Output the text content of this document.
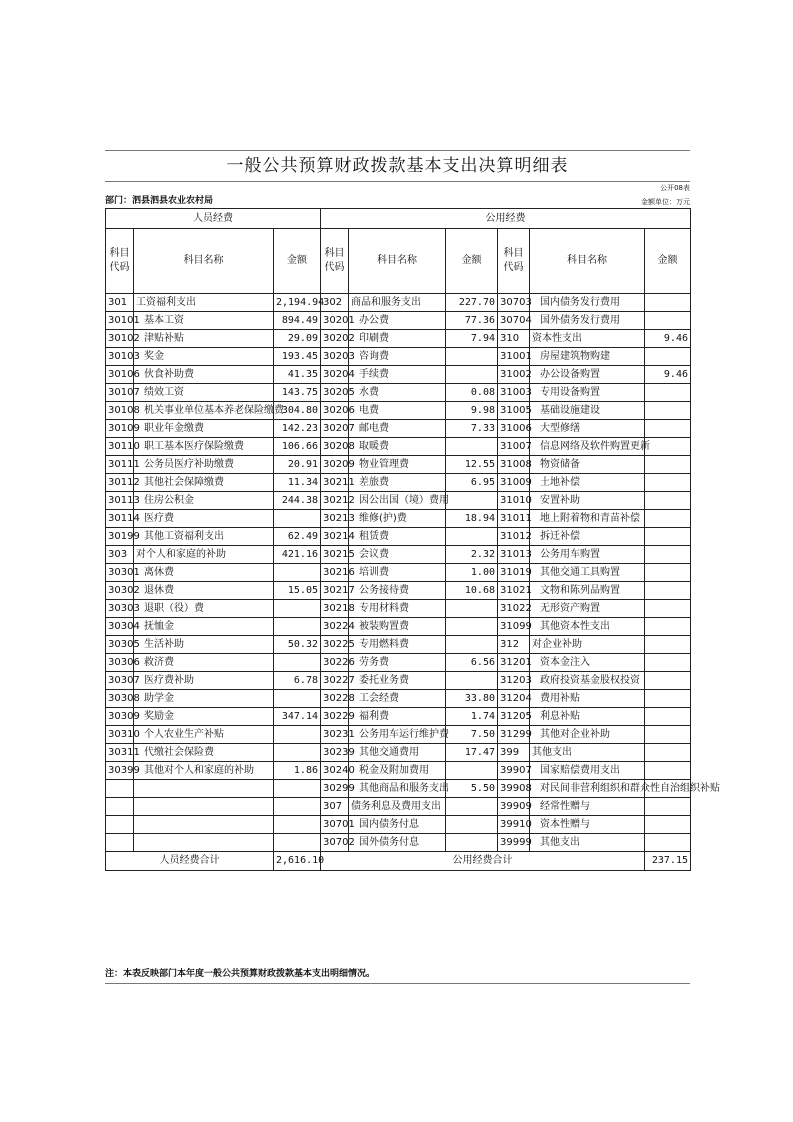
一般公共预算财政拨款基本支出决算明细表
公开08表
部门：泗县泗县农业农村局	金额单位：万元
人员经费			公用经费					
科目代码	科目名称	金额	科目代码	科目名称	金额	科目代码	科目名称	金额
301	工资福利支出	2,194.94	302	商品和服务支出	227.70	30703	国内债务发行费用	
30101	基本工资	894.49	30201	办公费	77.36	30704	国外债务发行费用	
30102	津贴补贴	29.09	30202	印刷费	7.94	310	资本性支出	9.46
30103	奖金	193.45	30203	咨询费		31001	房屋建筑物购建	
30106	伙食补助费	41.35	30204	手续费		31002	办公设备购置	9.46
30107	绩效工资	143.75	30205	水费	0.08	31003	专用设备购置	
30108	机关事业单位基本养老保险缴费	304.80	30206	电费	9.98	31005	基础设施建设	
30109	职业年金缴费	142.23	30207	邮电费	7.33	31006	大型修缮	
30110	职工基本医疗保险缴费	106.66	30208	取暖费		31007	信息网络及软件购置更新	
30111	公务员医疗补助缴费	20.91	30209	物业管理费	12.55	31008	物资储备	
30112	其他社会保障缴费	11.34	30211	差旅费	6.95	31009	土地补偿	
30113	住房公积金	244.38	30212	因公出国（境）费用		31010	安置补助	
30114	医疗费		30213	维修(护)费	18.94	31011	地上附着物和青苗补偿	
30199	其他工资福利支出	62.49	30214	租赁费		31012	拆迁补偿	
303	对个人和家庭的补助	421.16	30215	会议费	2.32	31013	公务用车购置	
30301	离休费		30216	培训费	1.00	31019	其他交通工具购置	
30302	退休费	15.05	30217	公务接待费	10.68	31021	文物和陈列品购置	
30303	退职（役）费		30218	专用材料费		31022	无形资产购置	
30304	抚恤金		30224	被装购置费		31099	其他资本性支出	
30305	生活补助	50.32	30225	专用燃料费		312	对企业补助	
30306	救济费		30226	劳务费	6.56	31201	资本金注入	
30307	医疗费补助	6.78	30227	委托业务费		31203	政府投资基金股权投资	
30308	助学金		30228	工会经费	33.80	31204	费用补贴	
30309	奖励金	347.14	30229	福利费	1.74	31205	利息补贴	
30310	个人农业生产补贴		30231	公务用车运行维护费	7.50	31299	其他对企业补助	
30311	代缴社会保险费		30239	其他交通费用	17.47	399	其他支出	
30399	其他对个人和家庭的补助	1.86	30240	税金及附加费用		39907	国家赔偿费用支出	
			30299	其他商品和服务支出	5.50	39908	对民间非营利组织和群众性自治组织补贴	
			307	债务利息及费用支出		39909	经常性赠与	
			30701	国内债务付息		39910	资本性赠与	
			30702	国外债务付息		39999	其他支出	
人员经费合计		2,616.10	公用经费合计					237.15
注：本表反映部门本年度一般公共预算财政拨款基本支出明细情况。
